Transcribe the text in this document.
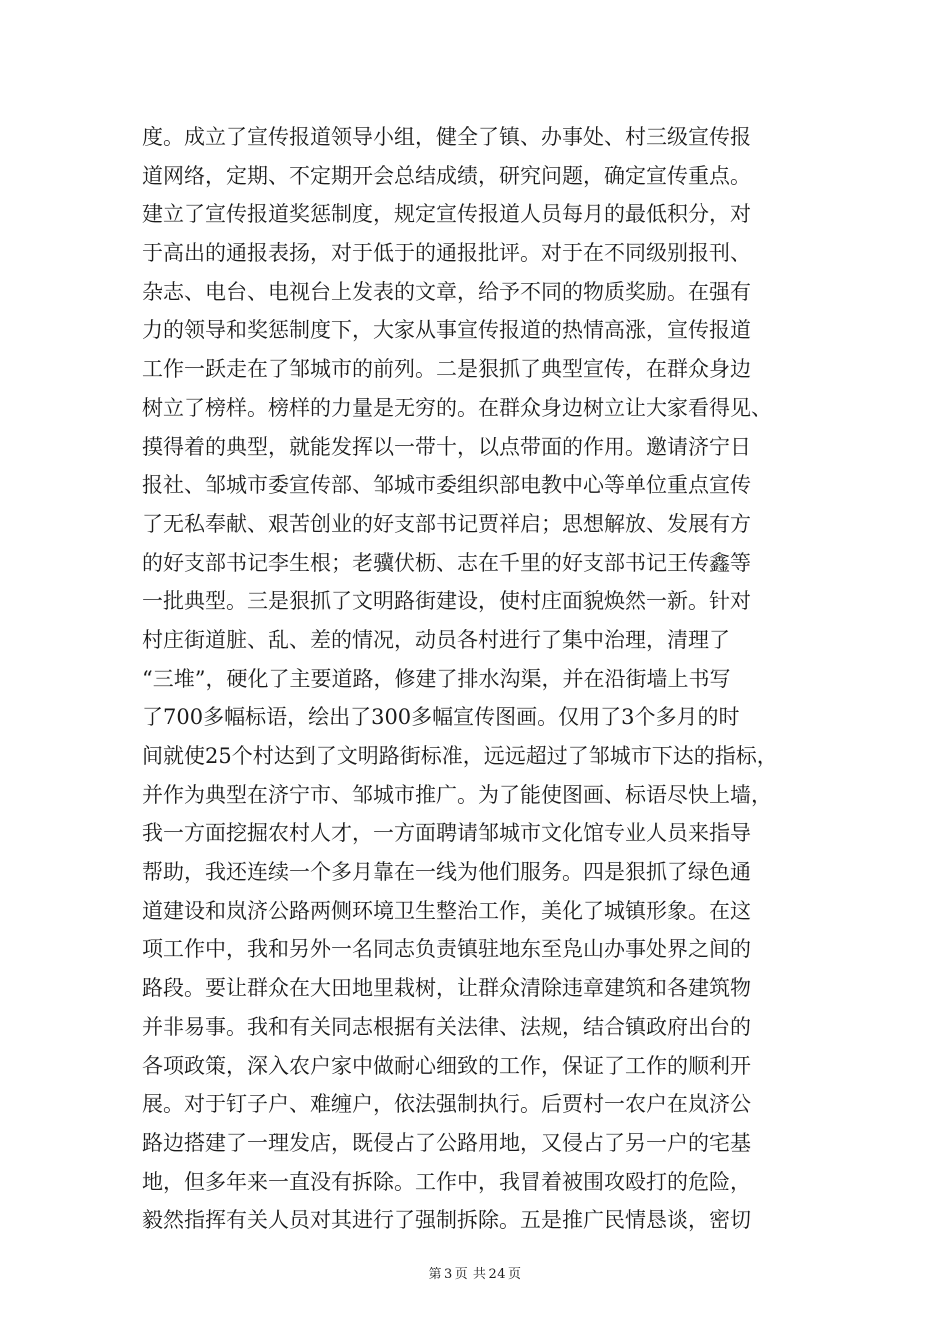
度。成立了宣传报道领导小组，健全了镇、办事处、村三级宣传报
道网络，定期、不定期开会总结成绩，研究问题，确定宣传重点。
建立了宣传报道奖惩制度，规定宣传报道人员每月的最低积分，对
于高出的通报表扬，对于低于的通报批评。对于在不同级别报刊、
杂志、电台、电视台上发表的文章，给予不同的物质奖励。在强有
力的领导和奖惩制度下，大家从事宣传报道的热情高涨，宣传报道
工作一跃走在了邹城市的前列。二是狠抓了典型宣传，在群众身边
树立了榜样。榜样的力量是无穷的。在群众身边树立让大家看得见、
摸得着的典型，就能发挥以一带十，以点带面的作用。邀请济宁日
报社、邹城市委宣传部、邹城市委组织部电教中心等单位重点宣传
了无私奉献、艰苦创业的好支部书记贾祥启；思想解放、发展有方
的好支部书记李生根；老骥伏枥、志在千里的好支部书记王传鑫等
一批典型。三是狠抓了文明路街建设，使村庄面貌焕然一新。针对
村庄街道脏、乱、差的情况，动员各村进行了集中治理，清理了
“三堆”，硬化了主要道路，修建了排水沟渠，并在沿街墙上书写
了700多幅标语，绘出了300多幅宣传图画。仅用了3个多月的时
间就使25个村达到了文明路街标准，远远超过了邹城市下达的指标，
并作为典型在济宁市、邹城市推广。为了能使图画、标语尽快上墙，
我一方面挖掘农村人才，一方面聘请邹城市文化馆专业人员来指导
帮助，我还连续一个多月靠在一线为他们服务。四是狠抓了绿色通
道建设和岚济公路两侧环境卫生整治工作，美化了城镇形象。在这
项工作中，我和另外一名同志负责镇驻地东至凫山办事处界之间的
路段。要让群众在大田地里栽树，让群众清除违章建筑和各建筑物
并非易事。我和有关同志根据有关法律、法规，结合镇政府出台的
各项政策，深入农户家中做耐心细致的工作，保证了工作的顺利开
展。对于钉子户、难缠户，依法强制执行。后贾村一农户在岚济公
路边搭建了一理发店，既侵占了公路用地，又侵占了另一户的宅基
地，但多年来一直没有拆除。工作中，我冒着被围攻殴打的危险，
毅然指挥有关人员对其进行了强制拆除。五是推广民情恳谈，密切
第 3 页 共 24 页
